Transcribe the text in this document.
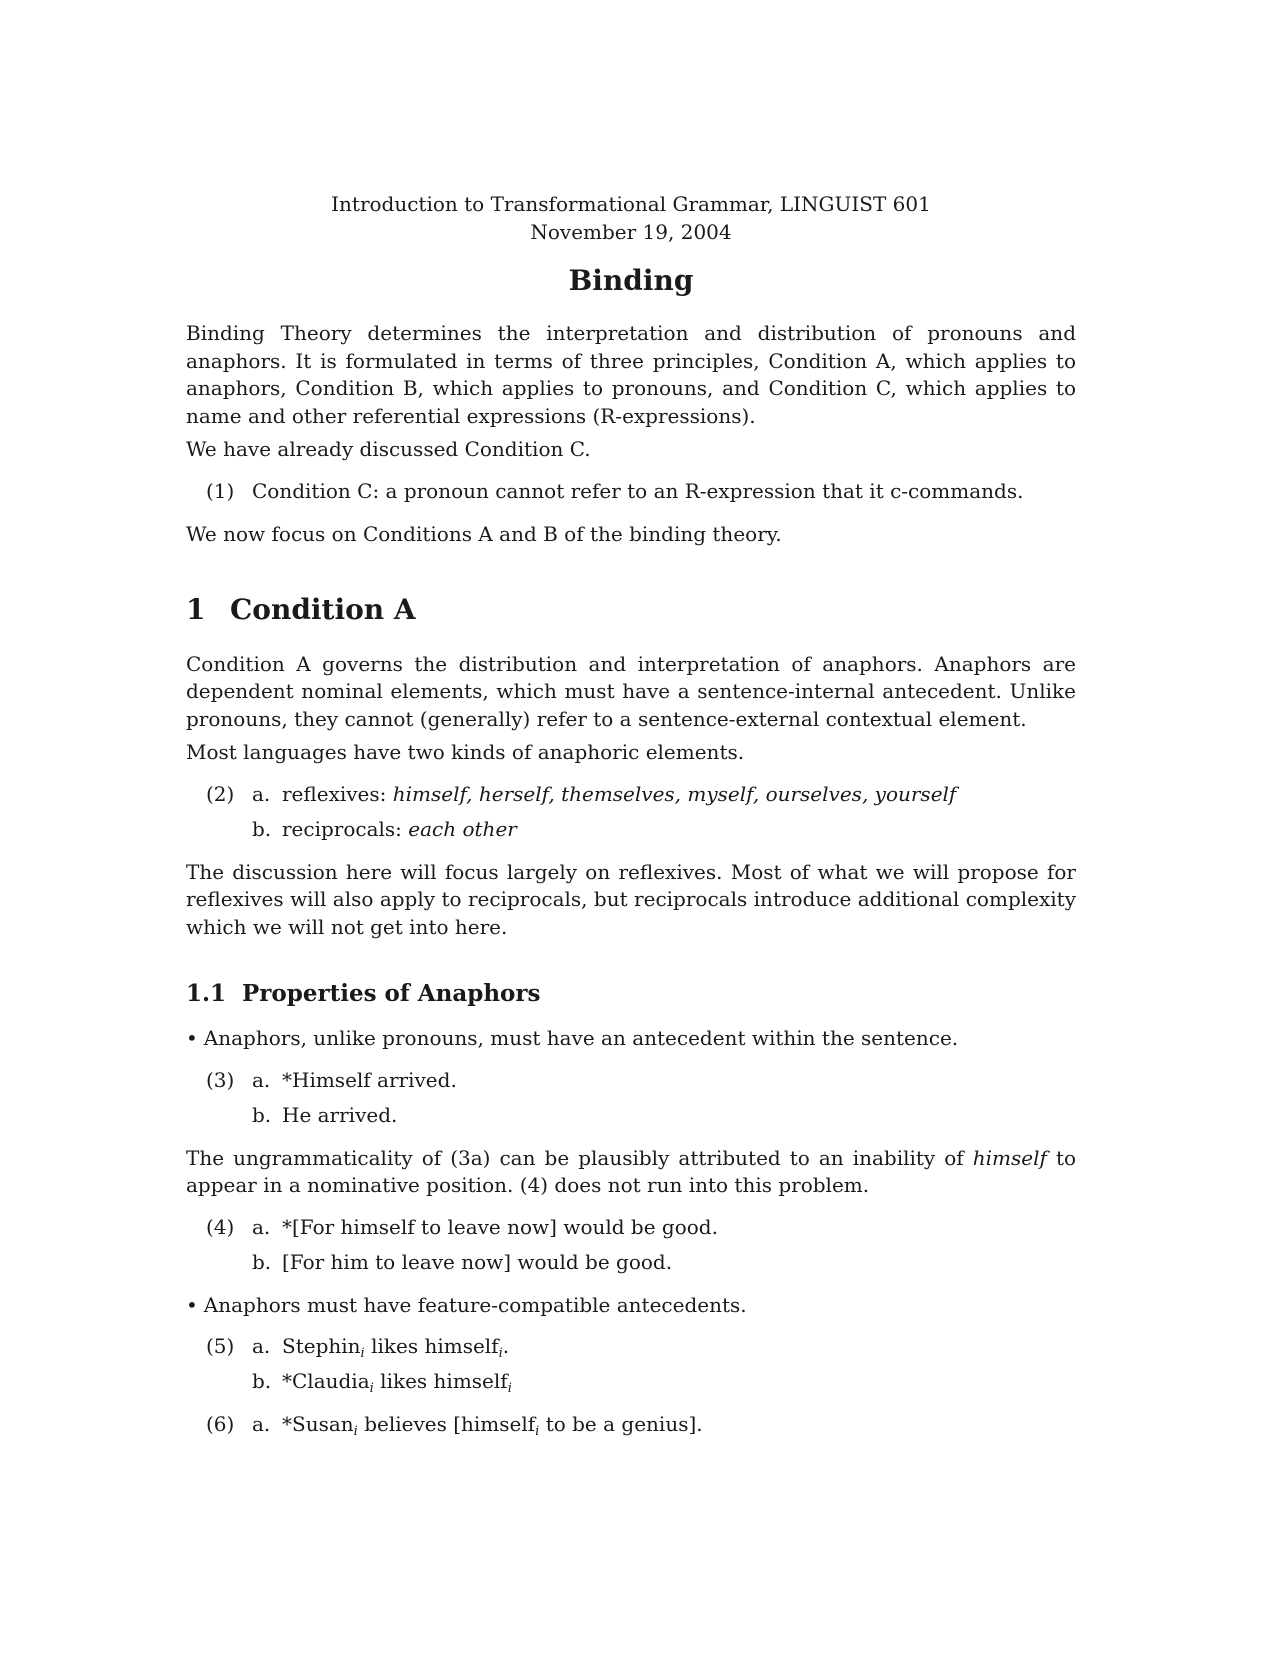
Introduction to Transformational Grammar, LINGUIST 601
November 19, 2004
Binding

Binding Theory determines the interpretation and distribution of pronouns and anaphors. It is formulated in terms of three principles, Condition A, which applies to anaphors, Condition B, which applies to pronouns, and Condition C, which applies to name and other referential expressions (R-expressions).

We have already discussed Condition C.

(1) Condition C: a pronoun cannot refer to an R-expression that it c-commands.

We now focus on Conditions A and B of the binding theory.

1 Condition A

Condition A governs the distribution and interpretation of anaphors. Anaphors are dependent nominal elements, which must have a sentence-internal antecedent. Unlike pronouns, they cannot (generally) refer to a sentence-external contextual element.

Most languages have two kinds of anaphoric elements.

(2) a. reflexives: himself, herself, themselves, myself, ourselves, yourself
b. reciprocals: each other

The discussion here will focus largely on reflexives. Most of what we will propose for reflexives will also apply to reciprocals, but reciprocals introduce additional complexity which we will not get into here.

1.1 Properties of Anaphors

• Anaphors, unlike pronouns, must have an antecedent within the sentence.

(3) a. *Himself arrived.
b. He arrived.

The ungrammaticality of (3a) can be plausibly attributed to an inability of himself to appear in a nominative position. (4) does not run into this problem.

(4) a. *[For himself to leave now] would be good.
b. [For him to leave now] would be good.

• Anaphors must have feature-compatible antecedents.

(5) a. Stephin$_i$ likes himself$_i$.
b. *Claudia$_i$ likes himself$_i$
(6) a. *Susan$_i$ believes [himself$_i$ to be a genius].
